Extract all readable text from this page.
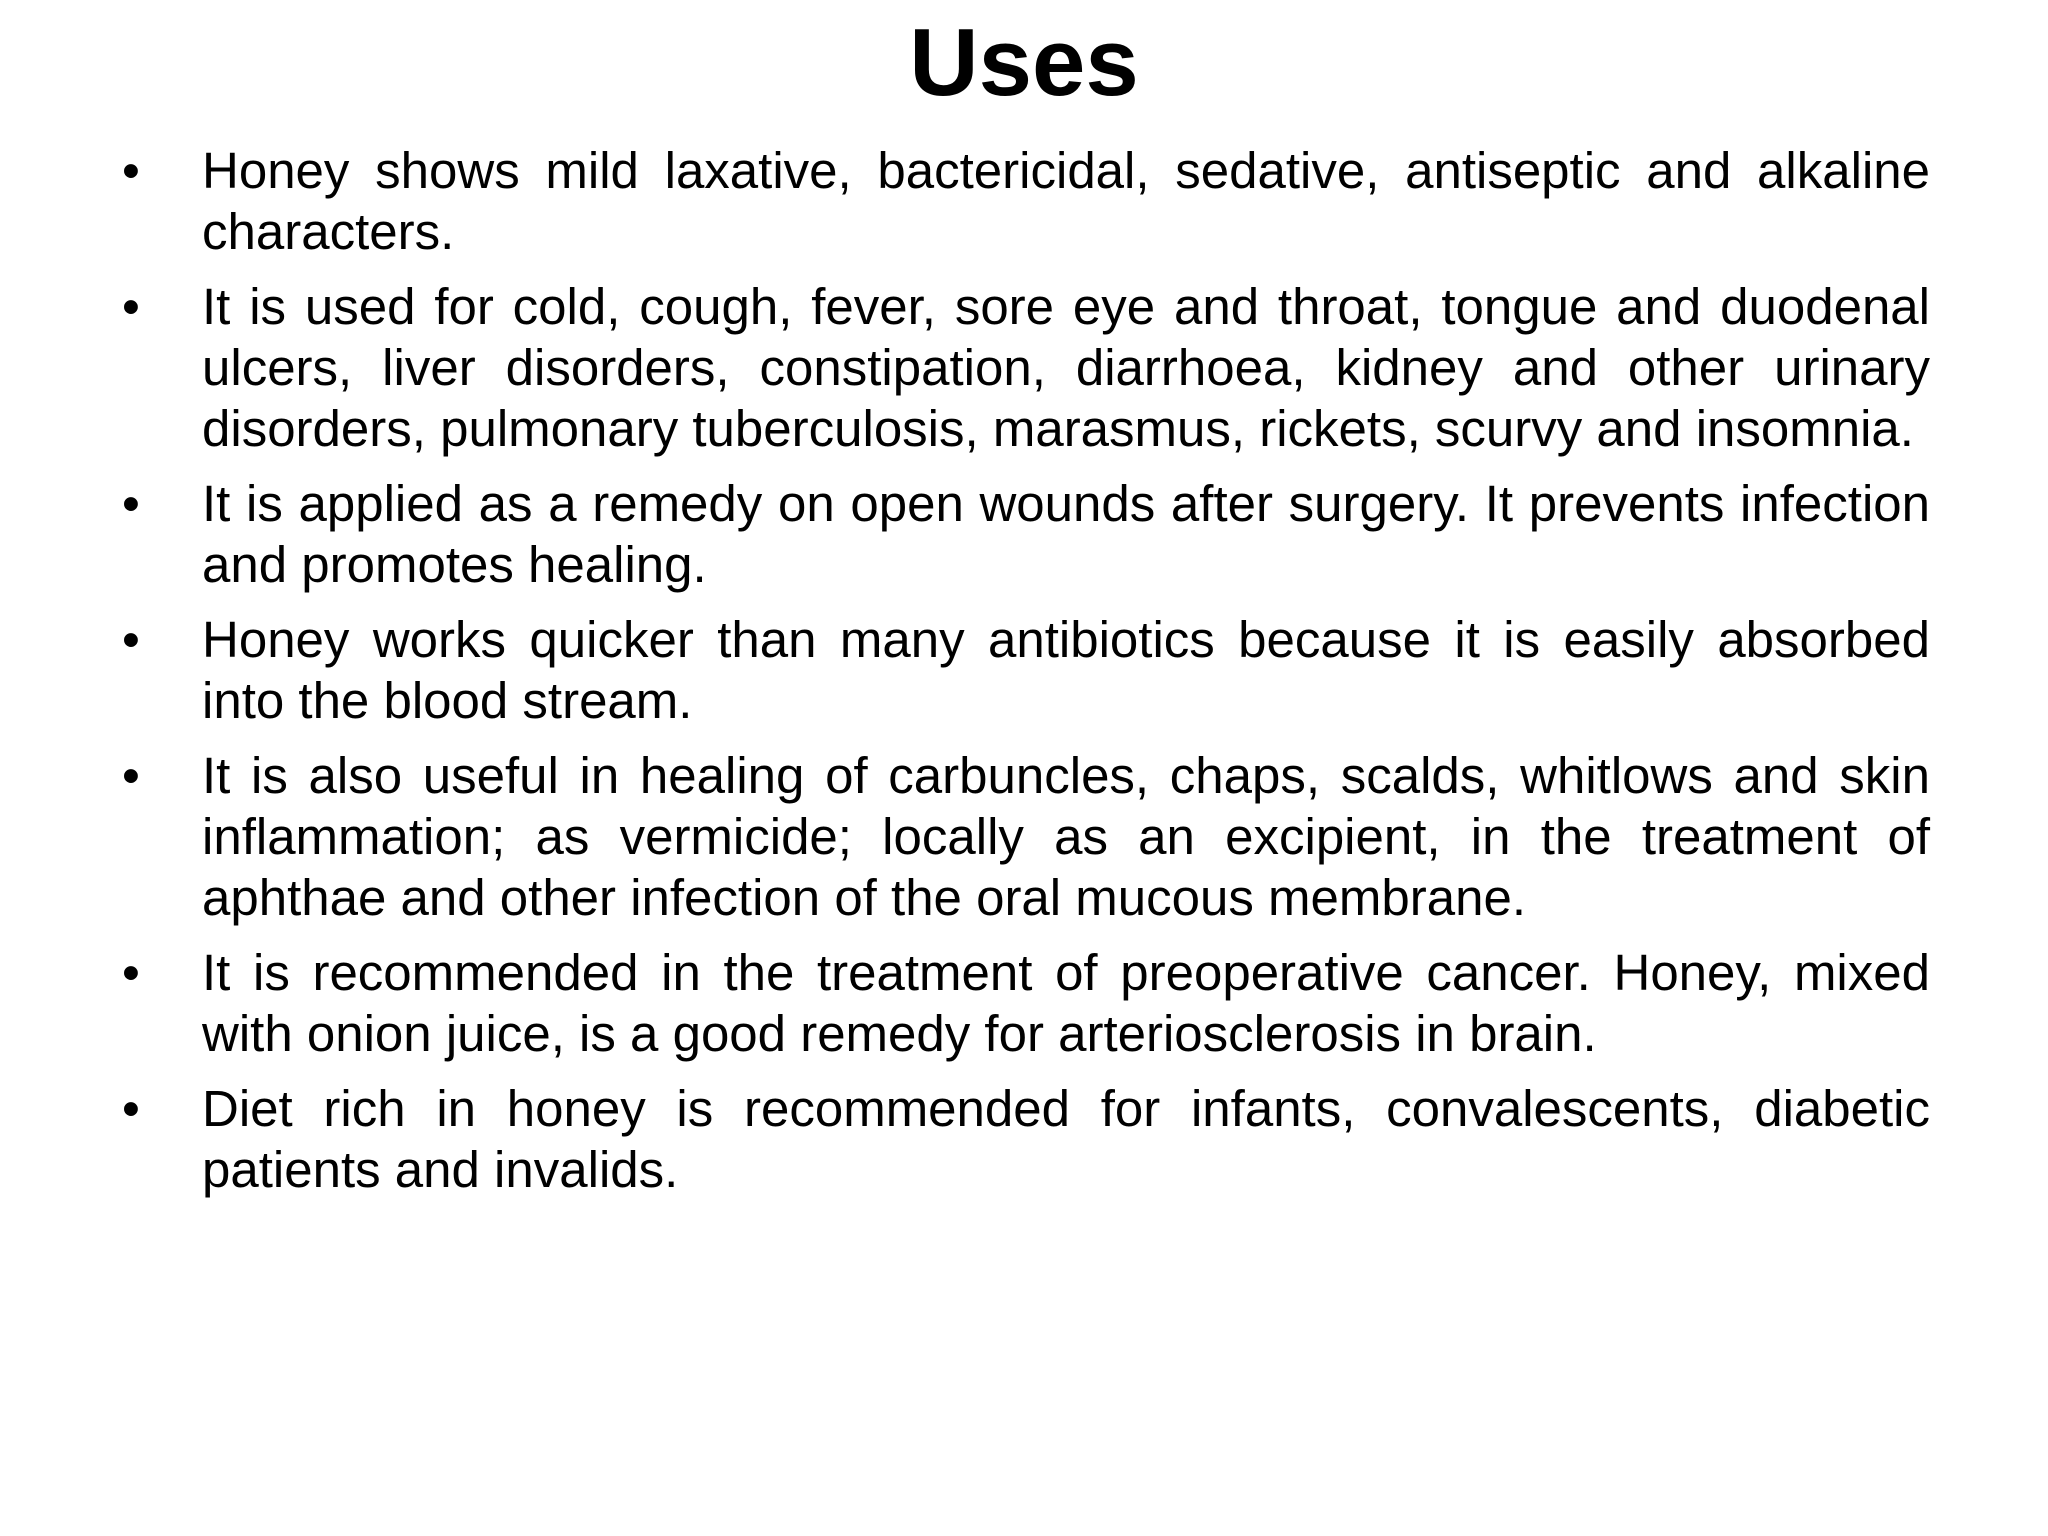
Uses
• Honey shows mild laxative, bactericidal, sedative, antiseptic and alkaline characters.
• It is used for cold, cough, fever, sore eye and throat, tongue and duodenal ulcers, liver disorders, constipation, diarrhoea, kidney and other urinary disorders, pulmonary tuberculosis, marasmus, rickets, scurvy and insomnia.
• It is applied as a remedy on open wounds after surgery. It prevents infection and promotes healing.
• Honey works quicker than many antibiotics because it is easily absorbed into the blood stream.
• It is also useful in healing of carbuncles, chaps, scalds, whitlows and skin inflammation; as vermicide; locally as an excipient, in the treatment of aphthae and other infection of the oral mucous membrane.
• It is recommended in the treatment of preoperative cancer. Honey, mixed with onion juice, is a good remedy for arteriosclerosis in brain.
• Diet rich in honey is recommended for infants, convalescents, diabetic patients and invalids.
